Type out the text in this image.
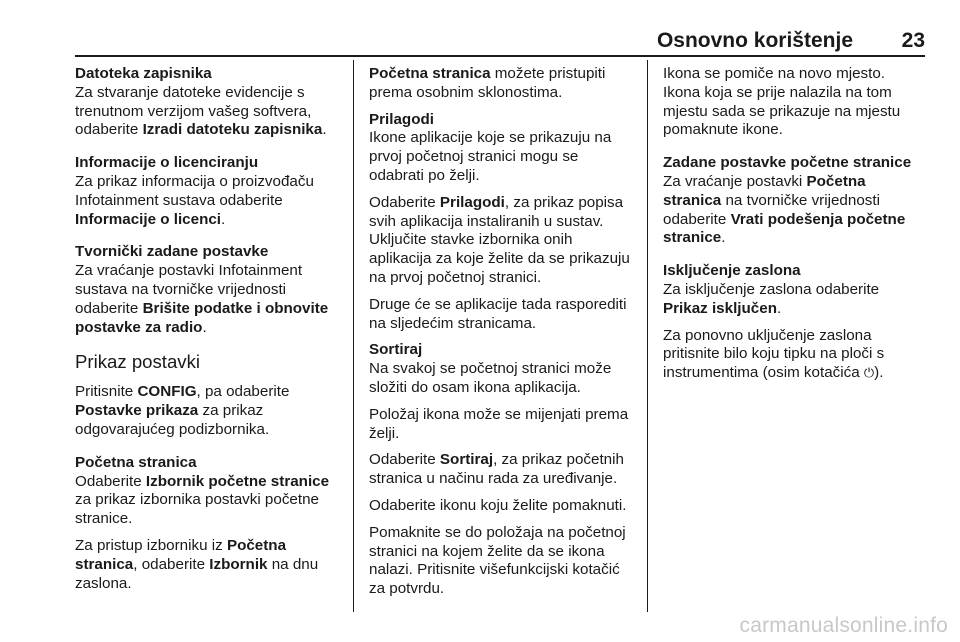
Osnovno korištenje 23

Datoteka zapisnika

Za stvaranje datoteke evidencije s trenutnom verzijom vašeg softvera, odaberite Izradi datoteku zapisnika.

Informacije o licenciranju

Za prikaz informacija o proizvođaču Infotainment sustava odaberite Informacije o licenci.

Tvornički zadane postavke

Za vraćanje postavki Infotainment sustava na tvorničke vrijednosti odaberite Brišite podatke i obnovite postavke za radio.

Prikaz postavki

Pritisnite CONFIG, pa odaberite Postavke prikaza za prikaz odgovarajućeg podizbornika.

Početna stranica

Odaberite Izbornik početne stranice za prikaz izbornika postavki početne stranice.

Za pristup izborniku iz Početna stranica, odaberite Izbornik na dnu zaslona.

Početna stranica možete pristupiti prema osobnim sklonostima.

Prilagodi

Ikone aplikacije koje se prikazuju na prvoj početnoj stranici mogu se odabrati po želji.

Odaberite Prilagodi, za prikaz popisa svih aplikacija instaliranih u sustav. Uključite stavke izbornika onih aplikacija za koje želite da se prikazuju na prvoj početnoj stranici.

Druge će se aplikacije tada rasporediti na sljedećim stranicama.

Sortiraj

Na svakoj se početnoj stranici može složiti do osam ikona aplikacija.

Položaj ikona može se mijenjati prema želji.

Odaberite Sortiraj, za prikaz početnih stranica u načinu rada za uređivanje.

Odaberite ikonu koju želite pomaknuti.

Pomaknite se do položaja na početnoj stranici na kojem želite da se ikona nalazi. Pritisnite višefunkcijski kotačić za potvrdu.

Ikona se pomiče na novo mjesto. Ikona koja se prije nalazila na tom mjestu sada se prikazuje na mjestu pomaknute ikone.

Zadane postavke početne stranice

Za vraćanje postavki Početna stranica na tvorničke vrijednosti odaberite Vrati podešenja početne stranice.

Isključenje zaslona

Za isključenje zaslona odaberite Prikaz isključen.

Za ponovno uključenje zaslona pritisnite bilo koju tipku na ploči s instrumentima (osim kotačića ⏻).

carmanualsonline.info
